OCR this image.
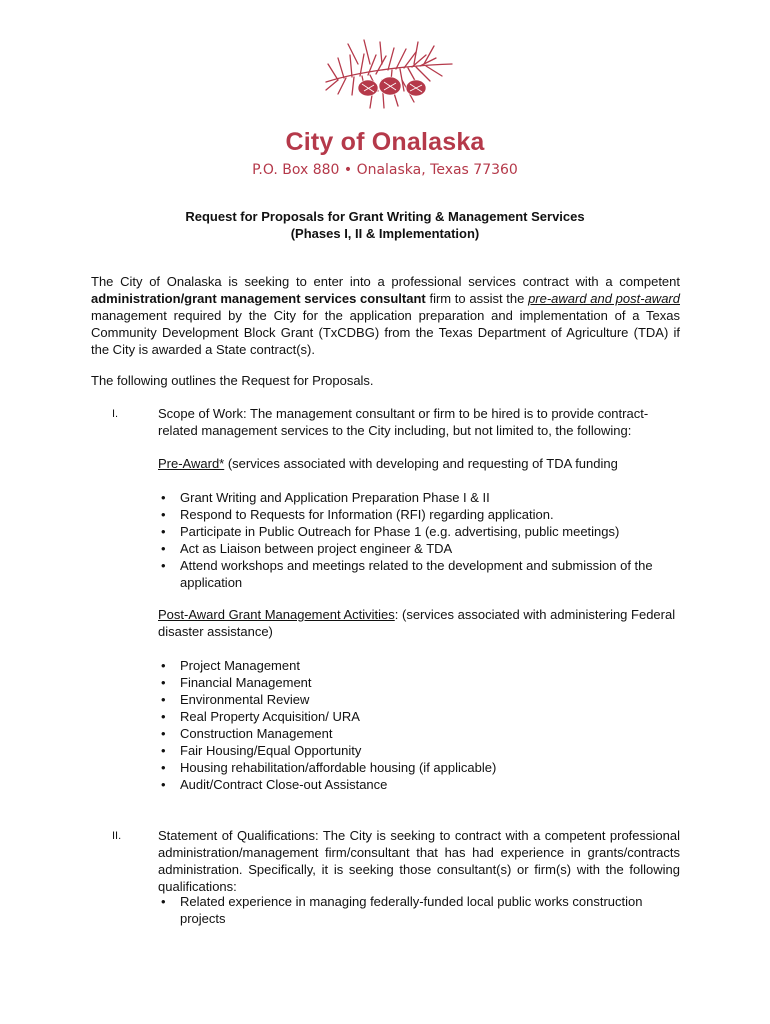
City of Onalaska
P.O. Box 880 • Onalaska, Texas 77360
Request for Proposals for Grant Writing & Management Services
(Phases I, II & Implementation)
The City of Onalaska is seeking to enter into a professional services contract with a competent administration/grant management services consultant firm to assist the pre-award and post-award management required by the City for the application preparation and implementation of a Texas Community Development Block Grant (TxCDBG) from the Texas Department of Agriculture (TDA) if the City is awarded a State contract(s).
The following outlines the Request for Proposals.
I.	Scope of Work: The management consultant or firm to be hired is to provide contract-related management services to the City including, but not limited to, the following:
Pre-Award* (services associated with developing and requesting of TDA funding
• Grant Writing and Application Preparation Phase I & II
• Respond to Requests for Information (RFI) regarding application.
• Participate in Public Outreach for Phase 1 (e.g. advertising, public meetings)
• Act as Liaison between project engineer & TDA
• Attend workshops and meetings related to the development and submission of the application
Post-Award Grant Management Activities: (services associated with administering Federal disaster assistance)
• Project Management
• Financial Management
• Environmental Review
• Real Property Acquisition/ URA
• Construction Management
• Fair Housing/Equal Opportunity
• Housing rehabilitation/affordable housing (if applicable)
• Audit/Contract Close-out Assistance
II.	Statement of Qualifications: The City is seeking to contract with a competent professional administration/management firm/consultant that has had experience in grants/contracts administration. Specifically, it is seeking those consultant(s) or firm(s) with the following qualifications:
• Related experience in managing federally-funded local public works construction projects
